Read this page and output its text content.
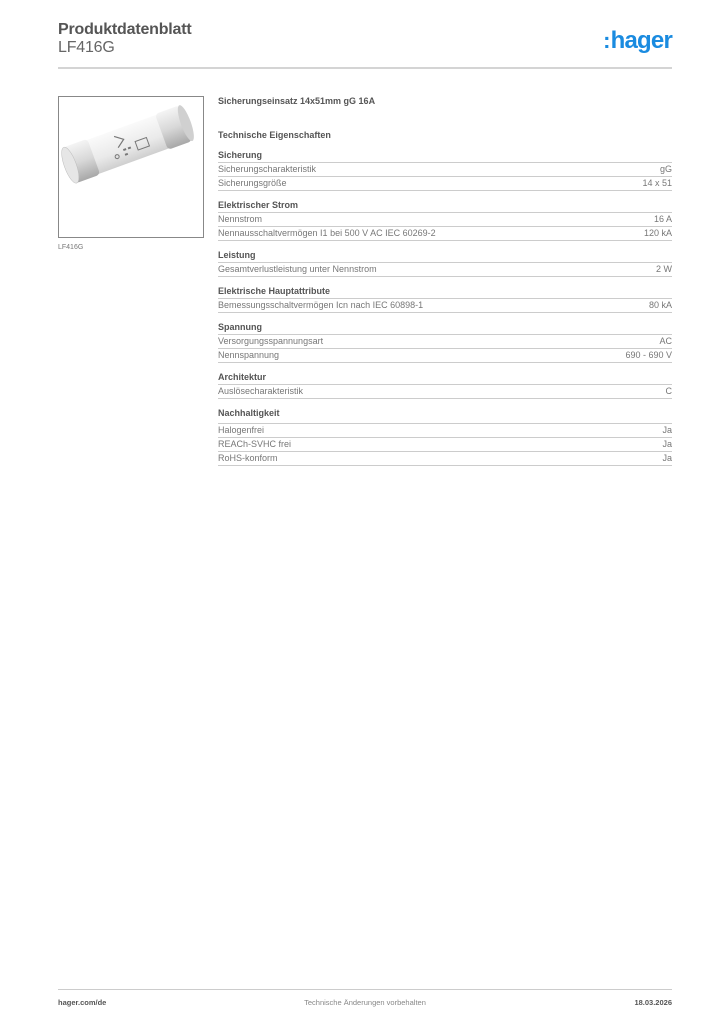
Produktdatenblatt
LF416G	:hager
LF416G
Sicherungseinsatz 14x51mm gG 16A
Technische Eigenschaften
Sicherung
Sicherungscharakteristik	gG
Sicherungsgröße	14 x 51
Elektrischer Strom
Nennstrom	16 A
Nennausschaltvermögen I1 bei 500 V AC IEC 60269-2	120 kA
Leistung
Gesamtverlustleistung unter Nennstrom	2 W
Elektrische Hauptattribute
Bemessungsschaltvermögen Icn nach IEC 60898-1	80 kA
Spannung
Versorgungsspannungsart	AC
Nennspannung	690 - 690 V
Architektur
Auslösecharakteristik	C
Nachhaltigkeit
Halogenfrei	Ja
REACh-SVHC frei	Ja
RoHS-konform	Ja
Technische Änderungen vorbehalten
hager.com/de	18.03.2026
